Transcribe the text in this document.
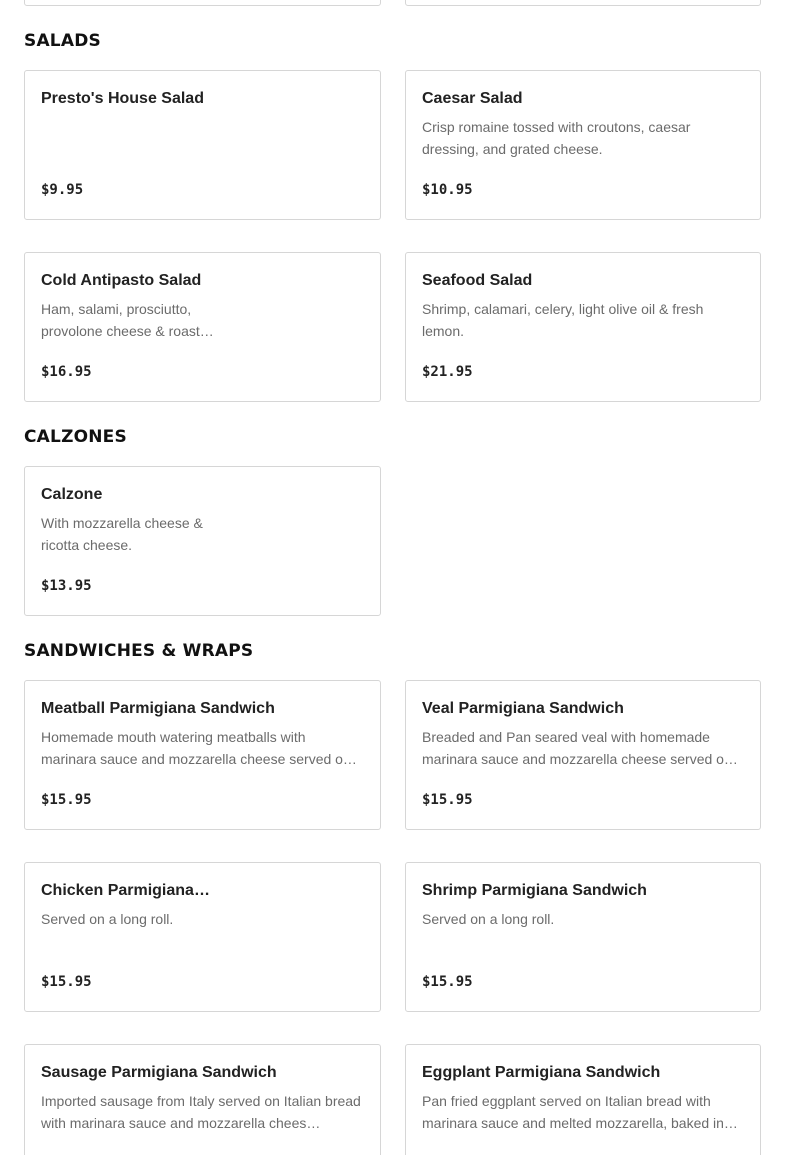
SALADS
Presto's House Salad
$9.95
Caesar Salad
Crisp romaine tossed with croutons, caesar dressing, and grated cheese.
$10.95
Cold Antipasto Salad
Ham, salami, prosciutto, provolone cheese & roast…
$16.95
Seafood Salad
Shrimp, calamari, celery, light olive oil & fresh lemon.
$21.95
CALZONES
Calzone
With mozzarella cheese & ricotta cheese.
$13.95
SANDWICHES & WRAPS
Meatball Parmigiana Sandwich
Homemade mouth watering meatballs with marinara sauce and mozzarella cheese served o…
$15.95
Veal Parmigiana Sandwich
Breaded and Pan seared veal with homemade marinara sauce and mozzarella cheese served o…
$15.95
Chicken Parmigiana…
Served on a long roll.
$15.95
Shrimp Parmigiana Sandwich
Served on a long roll.
$15.95
Sausage Parmigiana Sandwich
Imported sausage from Italy served on Italian bread with marinara sauce and mozzarella chees…
Eggplant Parmigiana Sandwich
Pan fried eggplant served on Italian bread with marinara sauce and melted mozzarella, baked in…
